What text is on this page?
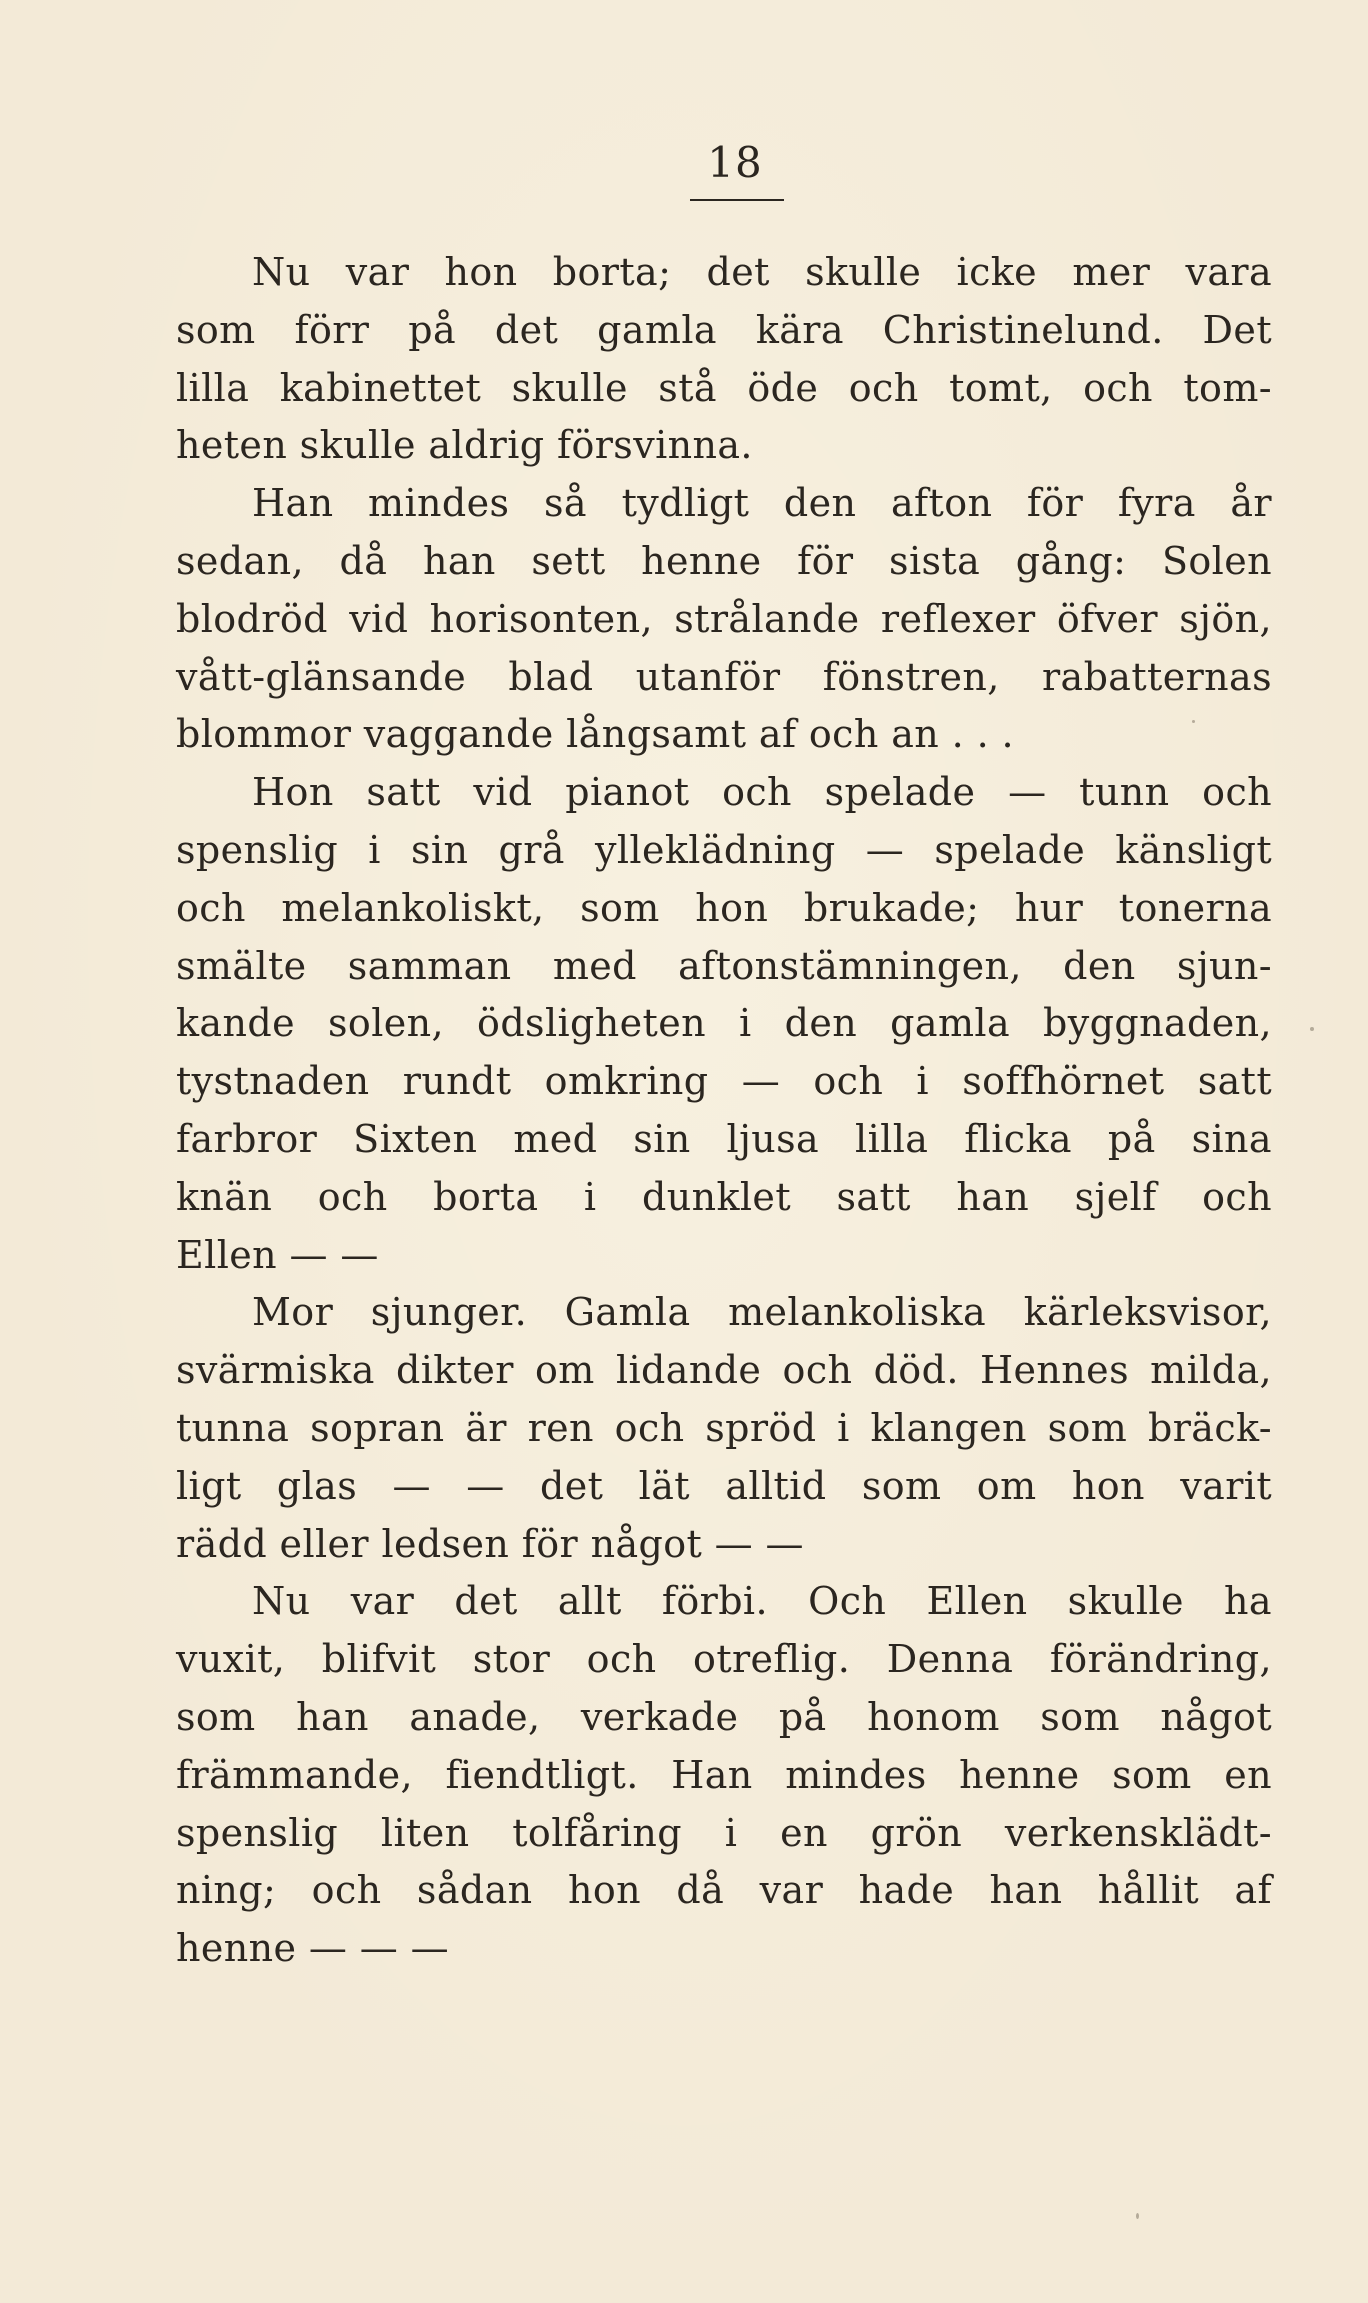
18
Nu var hon borta; det skulle icke mer vara
som förr på det gamla kära Christinelund. Det
lilla kabinettet skulle stå öde och tomt, och tom-
heten skulle aldrig försvinna.
Han mindes så tydligt den afton för fyra år
sedan, då han sett henne för sista gång: Solen
blodröd vid horisonten, strålande reflexer öfver sjön,
vått-glänsande blad utanför fönstren, rabatternas
blommor vaggande långsamt af och an . . .
Hon satt vid pianot och spelade — tunn och
spenslig i sin grå ylleklädning — spelade känsligt
och melankoliskt, som hon brukade; hur tonerna
smälte samman med aftonstämningen, den sjun-
kande solen, ödsligheten i den gamla byggnaden,
tystnaden rundt omkring — och i soffhörnet satt
farbror Sixten med sin ljusa lilla flicka på sina
knän och borta i dunklet satt han sjelf och
Ellen — —
Mor sjunger. Gamla melankoliska kärleksvisor,
svärmiska dikter om lidande och död. Hennes milda,
tunna sopran är ren och spröd i klangen som bräck-
ligt glas — — det lät alltid som om hon varit
rädd eller ledsen för något — —
Nu var det allt förbi. Och Ellen skulle ha
vuxit, blifvit stor och otreflig. Denna förändring,
som han anade, verkade på honom som något
främmande, fiendtligt. Han mindes henne som en
spenslig liten tolfåring i en grön verkensklädt-
ning; och sådan hon då var hade han hållit af
henne — — —
